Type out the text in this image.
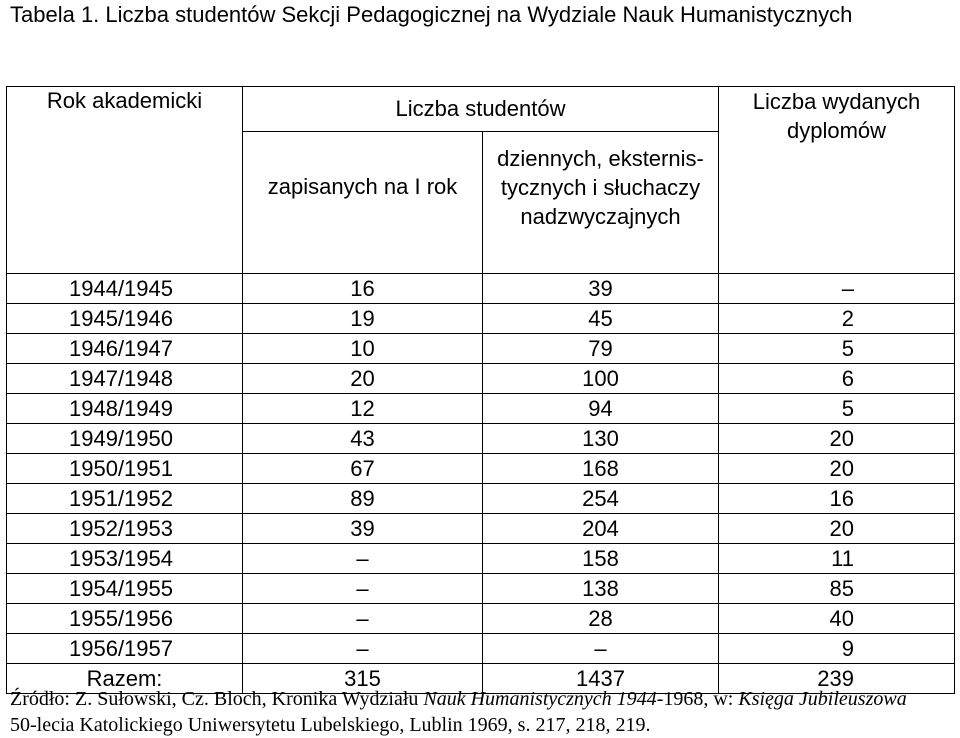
Tabela 1. Liczba studentów Sekcji Pedagogicznej na Wydziale Nauk Humanistycznych
Rok akademicki	Liczba studentów		Liczba wydanych
dyplomów

	zapisanych na I rok	dziennych, eksternis-
tycznych i słuchaczy
nadzwyczajnych	

1944/1945	16	39	–
1945/1946	19	45	2
1946/1947	10	79	5
1947/1948	20	100	6
1948/1949	12	94	5
1949/1950	43	130	20
1950/1951	67	168	20
1951/1952	89	254	16
1952/1953	39	204	20
1953/1954	–	158	11
1954/1955	–	138	85
1955/1956	–	28	40
1956/1957	–	–	9
Razem:	315	1437	239
Źródło: Z. Sułowski, Cz. Bloch, Kronika Wydziału Nauk Humanistycznych 1944-1968, w: Księga Jubileuszowa
50-lecia Katolickiego Uniwersytetu Lubelskiego, Lublin 1969, s. 217, 218, 219.
